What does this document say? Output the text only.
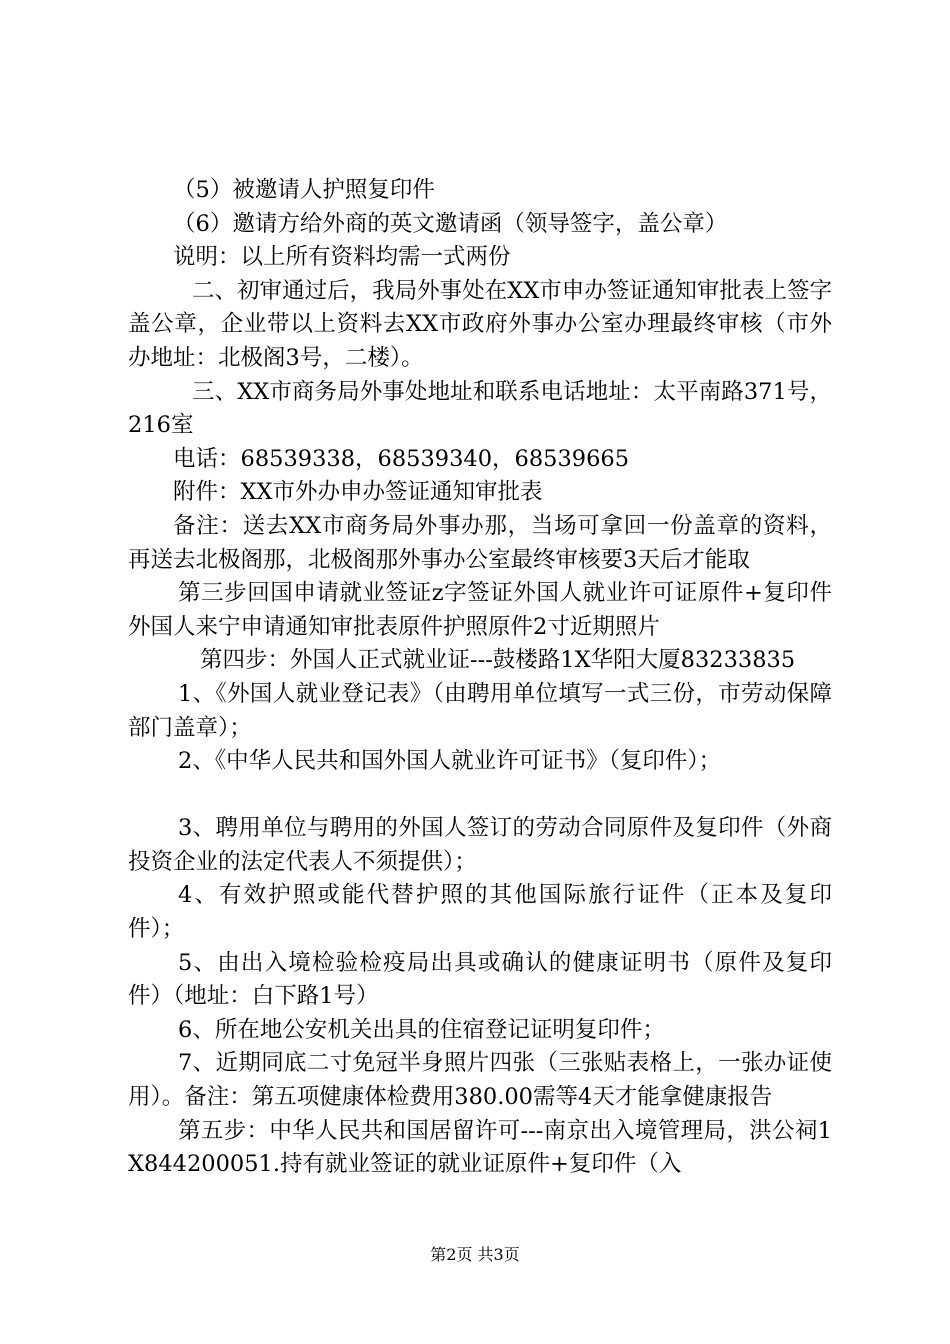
（5）被邀请人护照复印件

（6）邀请方给外商的英文邀请函（领导签字，盖公章）

说明：以上所有资料均需一式两份

二、初审通过后，我局外事处在XX市申办签证通知审批表上签字盖公章，企业带以上资料去XX市政府外事办公室办理最终审核（市外办地址：北极阁3号，二楼）。

三、XX市商务局外事处地址和联系电话地址：太平南路371号，216室

电话：68539338，68539340，68539665

附件：XX市外办申办签证通知审批表

备注：送去XX市商务局外事办那，当场可拿回一份盖章的资料，再送去北极阁那，北极阁那外事办公室最终审核要3天后才能取

第三步回国申请就业签证z字签证外国人就业许可证原件+复印件外国人来宁申请通知审批表原件护照原件2寸近期照片

第四步：外国人正式就业证---鼓楼路1X华阳大厦83233835

1、《外国人就业登记表》（由聘用单位填写一式三份，市劳动保障部门盖章）；

2、《中华人民共和国外国人就业许可证书》（复印件）；

3、聘用单位与聘用的外国人签订的劳动合同原件及复印件（外商投资企业的法定代表人不须提供）；

4、有效护照或能代替护照的其他国际旅行证件（正本及复印件）；

5、由出入境检验检疫局出具或确认的健康证明书（原件及复印件）（地址：白下路1号）

6、所在地公安机关出具的住宿登记证明复印件；

7、近期同底二寸免冠半身照片四张（三张贴表格上，一张办证使用）。备注：第五项健康体检费用380.00需等4天才能拿健康报告

第五步：中华人民共和国居留许可---南京出入境管理局，洪公祠1X844200051.持有就业签证的就业证原件+复印件（入

第2页 共3页
